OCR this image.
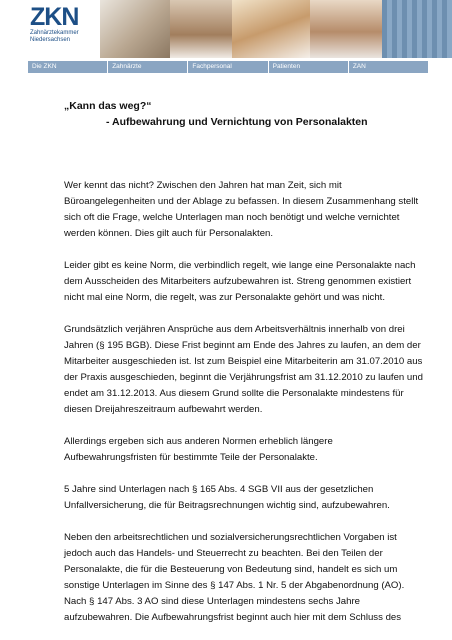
ZKN
Zahnärztekammer
Niedersachsen
Die ZKN	Zahnärzte	Fachpersonal	Patienten	ZAN

„Kann das weg?“

- Aufbewahrung und Vernichtung von Personalakten

Wer kennt das nicht? Zwischen den Jahren hat man Zeit, sich mit
Büroangelegenheiten und der Ablage zu befassen. In diesem Zusammenhang stellt
sich oft die Frage, welche Unterlagen man noch benötigt und welche vernichtet
werden können. Dies gilt auch für Personalakten.
Leider gibt es keine Norm, die verbindlich regelt, wie lange eine Personalakte nach
dem Ausscheiden des Mitarbeiters aufzubewahren ist. Streng genommen existiert
nicht mal eine Norm, die regelt, was zur Personalakte gehört und was nicht.
Grundsätzlich verjähren Ansprüche aus dem Arbeitsverhältnis innerhalb von drei
Jahren (§ 195 BGB). Diese Frist beginnt am Ende des Jahres zu laufen, an dem der
Mitarbeiter ausgeschieden ist. Ist zum Beispiel eine Mitarbeiterin am 31.07.2010 aus
der Praxis ausgeschieden, beginnt die Verjährungsfrist am 31.12.2010 zu laufen und
endet am 31.12.2013. Aus diesem Grund sollte die Personalakte mindestens für
diesen Dreijahreszeitraum aufbewahrt werden.
Allerdings ergeben sich aus anderen Normen erheblich längere
Aufbewahrungsfristen für bestimmte Teile der Personalakte.
5 Jahre sind Unterlagen nach § 165 Abs. 4 SGB VII aus der gesetzlichen
Unfallversicherung, die für Beitragsrechnungen wichtig sind, aufzubewahren.
Neben den arbeitsrechtlichen und sozialversicherungsrechtlichen Vorgaben ist
jedoch auch das Handels- und Steuerrecht zu beachten. Bei den Teilen der
Personalakte, die für die Besteuerung von Bedeutung sind, handelt es sich um
sonstige Unterlagen im Sinne des § 147 Abs. 1 Nr. 5 der Abgabenordnung (AO).
Nach § 147 Abs. 3 AO sind diese Unterlagen mindestens sechs Jahre
aufzubewahren. Die Aufbewahrungsfrist beginnt auch hier mit dem Schluss des
